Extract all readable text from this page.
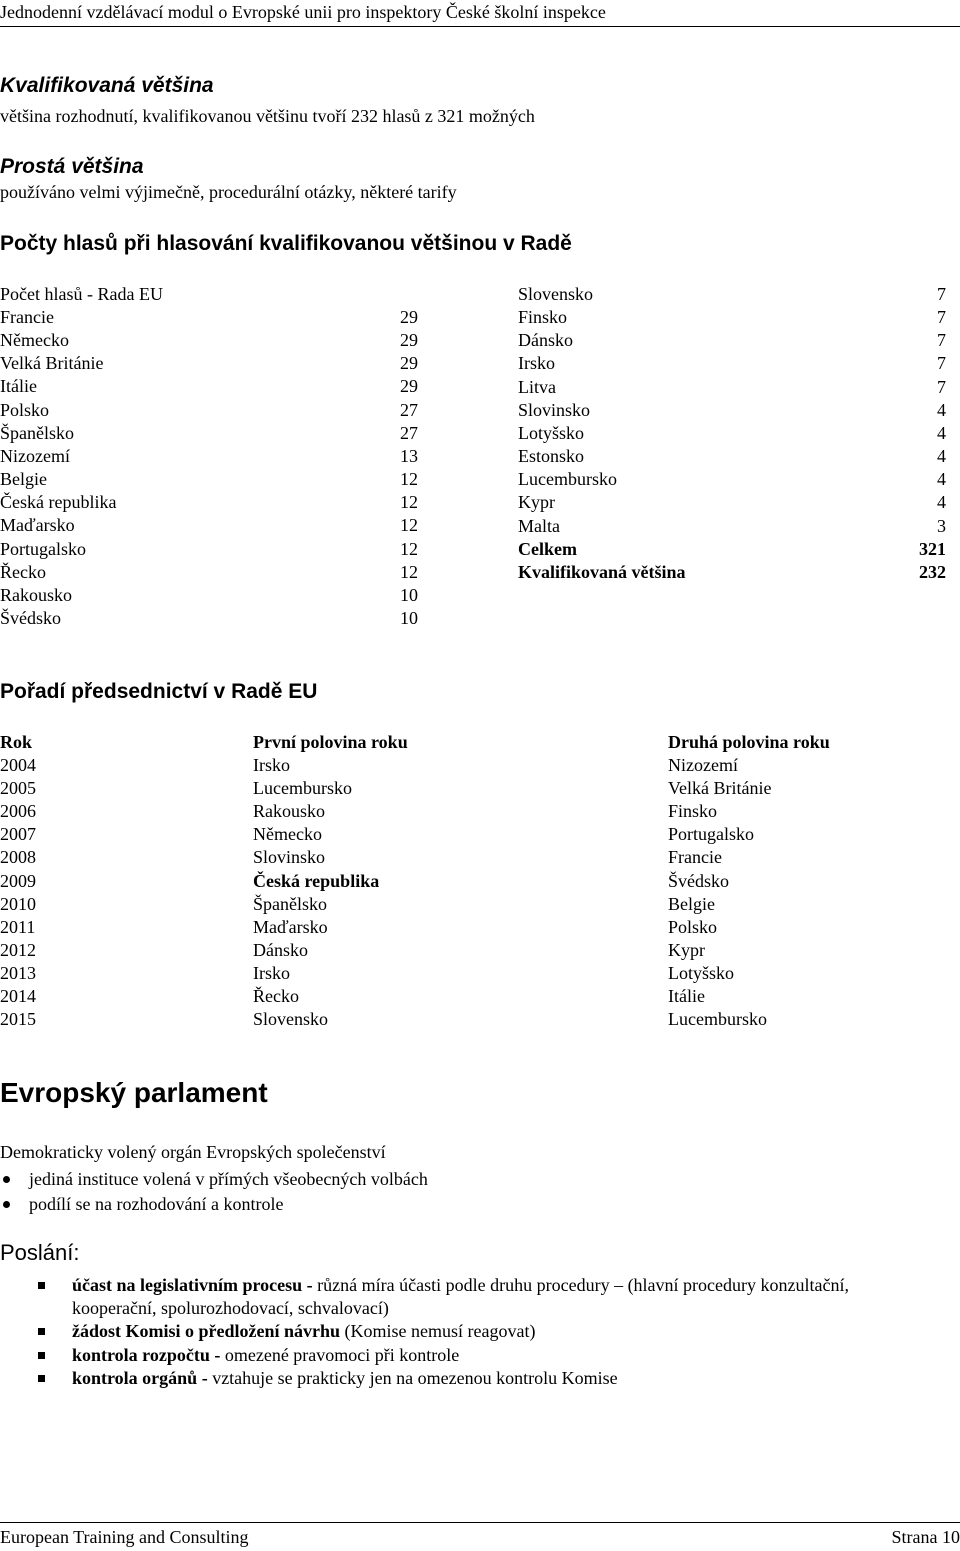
Jednodenní vzdělávací modul o Evropské unii pro inspektory České školní inspekce
Kvalifikovaná většina
většina rozhodnutí, kvalifikovanou většinu tvoří 232 hlasů z 321 možných
Prostá většina
používáno velmi výjimečně, procedurální otázky, některé tarify
Počty hlasů při hlasování kvalifikovanou většinou v Radě
Počet hlasů - Rada EU
Francie	29
Německo	29
Velká Británie	29
Itálie	29
Polsko	27
Španělsko	27
Nizozemí	13
Belgie	12
Česká republika	12
Maďarsko	12
Portugalsko	12
Řecko	12
Rakousko	10
Švédsko	10
Slovensko	7
Finsko	7
Dánsko	7
Irsko	7
Litva	7
Slovinsko	4
Lotyšsko	4
Estonsko	4
Lucembursko	4
Kypr	4
Malta	3
Celkem	321
Kvalifikovaná většina	232
Pořadí předsednictví v Radě EU
Rok	První polovina roku	Druhá polovina roku
2004	Irsko	Nizozemí
2005	Lucembursko	Velká Británie
2006	Rakousko	Finsko
2007	Německo	Portugalsko
2008	Slovinsko	Francie
2009	Česká republika	Švédsko
2010	Španělsko	Belgie
2011	Maďarsko	Polsko
2012	Dánsko	Kypr
2013	Irsko	Lotyšsko
2014	Řecko	Itálie
2015	Slovensko	Lucembursko
Evropský parlament
Demokraticky volený orgán Evropských společenství
jediná instituce volená v přímých všeobecných volbách
podílí se na rozhodování a kontrole
Poslání:
účast na legislativním procesu - různá míra účasti podle druhu procedury – (hlavní procedury konzultační,
kooperační, spolurozhodovací, schvalovací)
žádost Komisi o předložení návrhu (Komise nemusí reagovat)
kontrola rozpočtu - omezené pravomoci při kontrole
kontrola orgánů - vztahuje se prakticky jen na omezenou kontrolu Komise
European Training and Consulting	Strana 10
